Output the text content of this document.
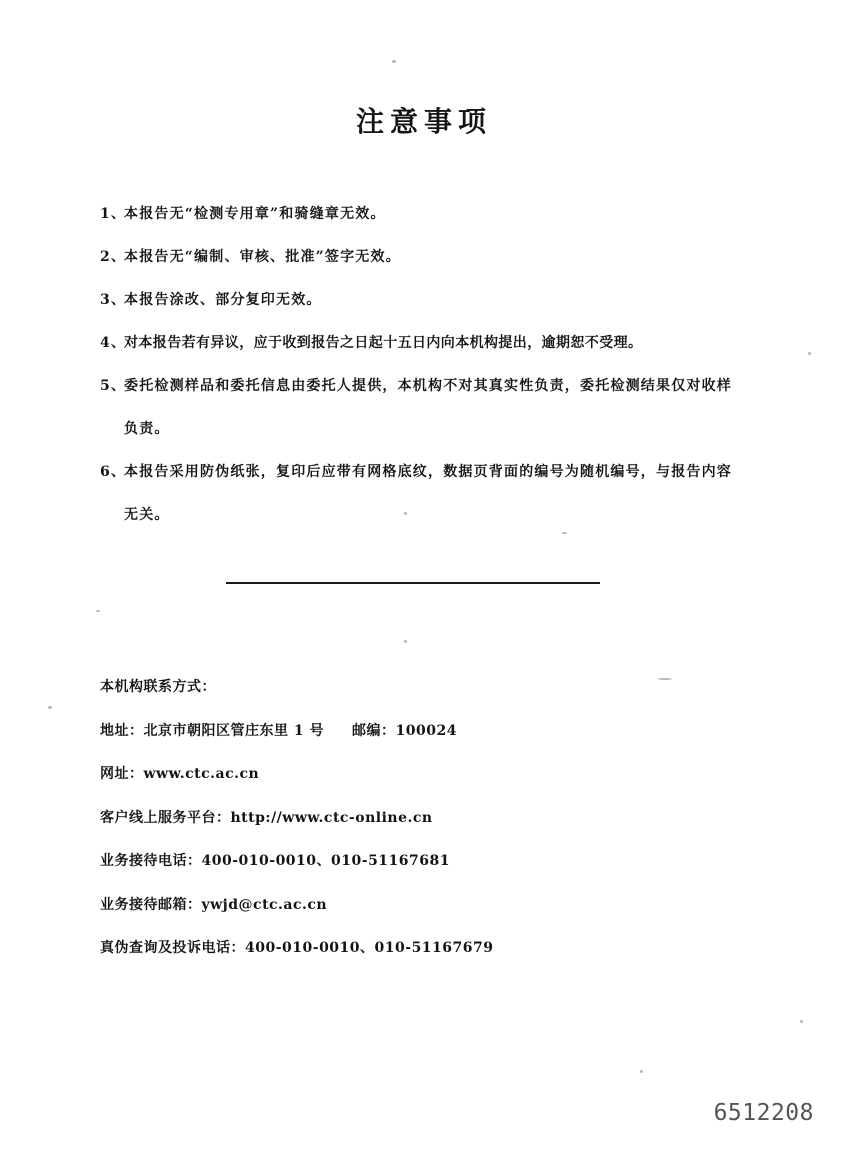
注意事项
1、
本报告无“检测专用章”和骑缝章无效。
2、
本报告无“编制、审核、批准”签字无效。
3、
本报告涂改、部分复印无效。
4、
对本报告若有异议，应于收到报告之日起十五日内向本机构提出，逾期恕不受理。
5、
委托检测样品和委托信息由委托人提供，本机构不对其真实性负责，委托检测结果仅对收样负责。
6、
本报告采用防伪纸张，复印后应带有网格底纹，数据页背面的编号为随机编号，与报告内容无关。
本机构联系方式：
地址：北京市朝阳区管庄东里 1 号 邮编：100024
网址：www.ctc.ac.cn
客户线上服务平台：http://www.ctc-online.cn
业务接待电话：400-010-0010、010-51167681
业务接待邮箱：ywjd@ctc.ac.cn
真伪查询及投诉电话：400-010-0010、010-51167679
6512208
